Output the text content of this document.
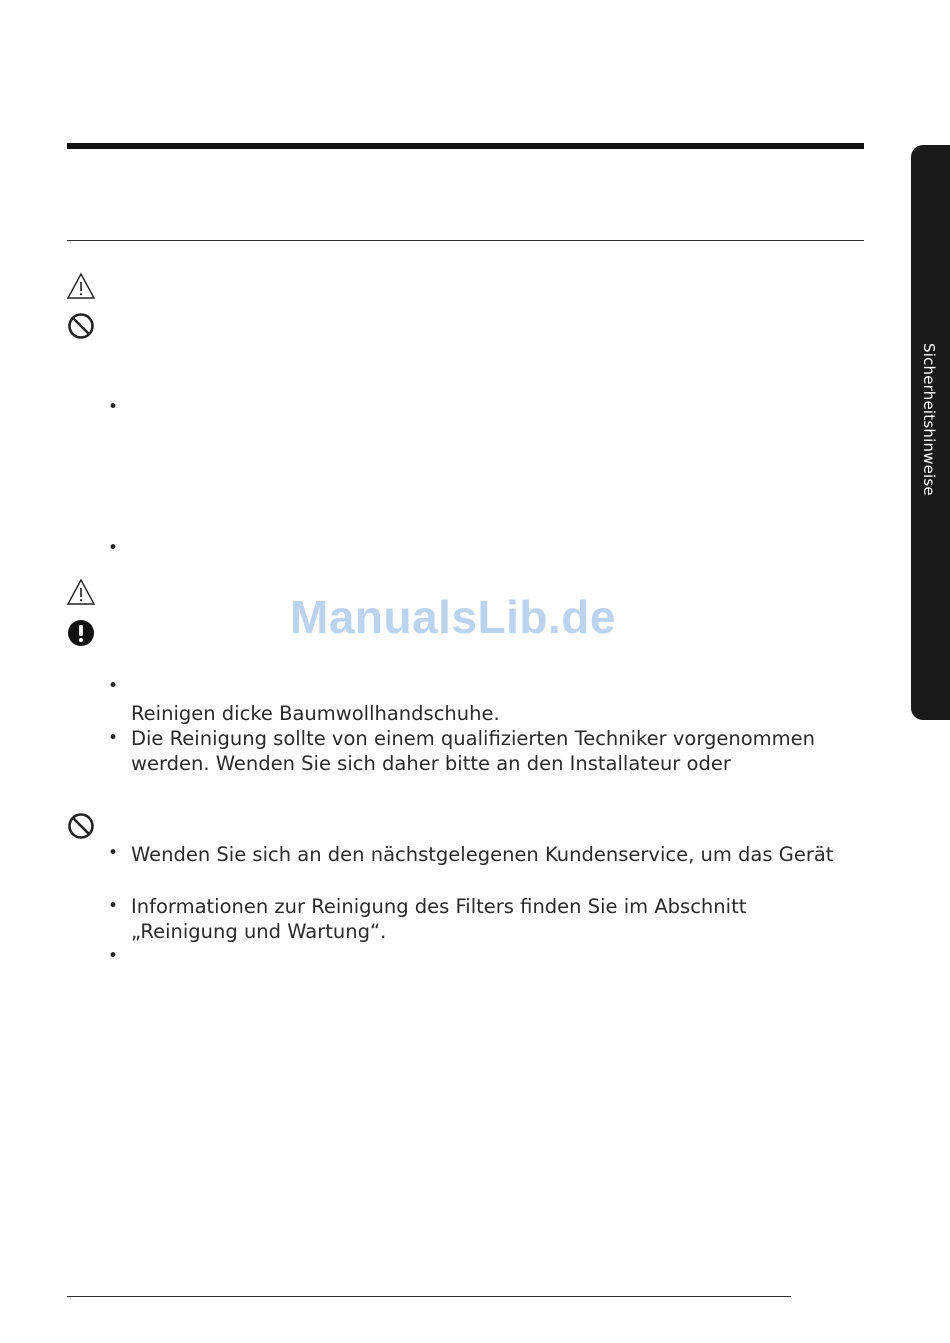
Sicherheitshinweise
•
•
•
•
•
•
•
Reinigen dicke Baumwollhandschuhe.
Die Reinigung sollte von einem qualifizierten Techniker vorgenommen
werden. Wenden Sie sich daher bitte an den Installateur oder
Wenden Sie sich an den nächstgelegenen Kundenservice, um das Gerät
Informationen zur Reinigung des Filters finden Sie im Abschnitt
„Reinigung und Wartung“.
ManualsLib.de
